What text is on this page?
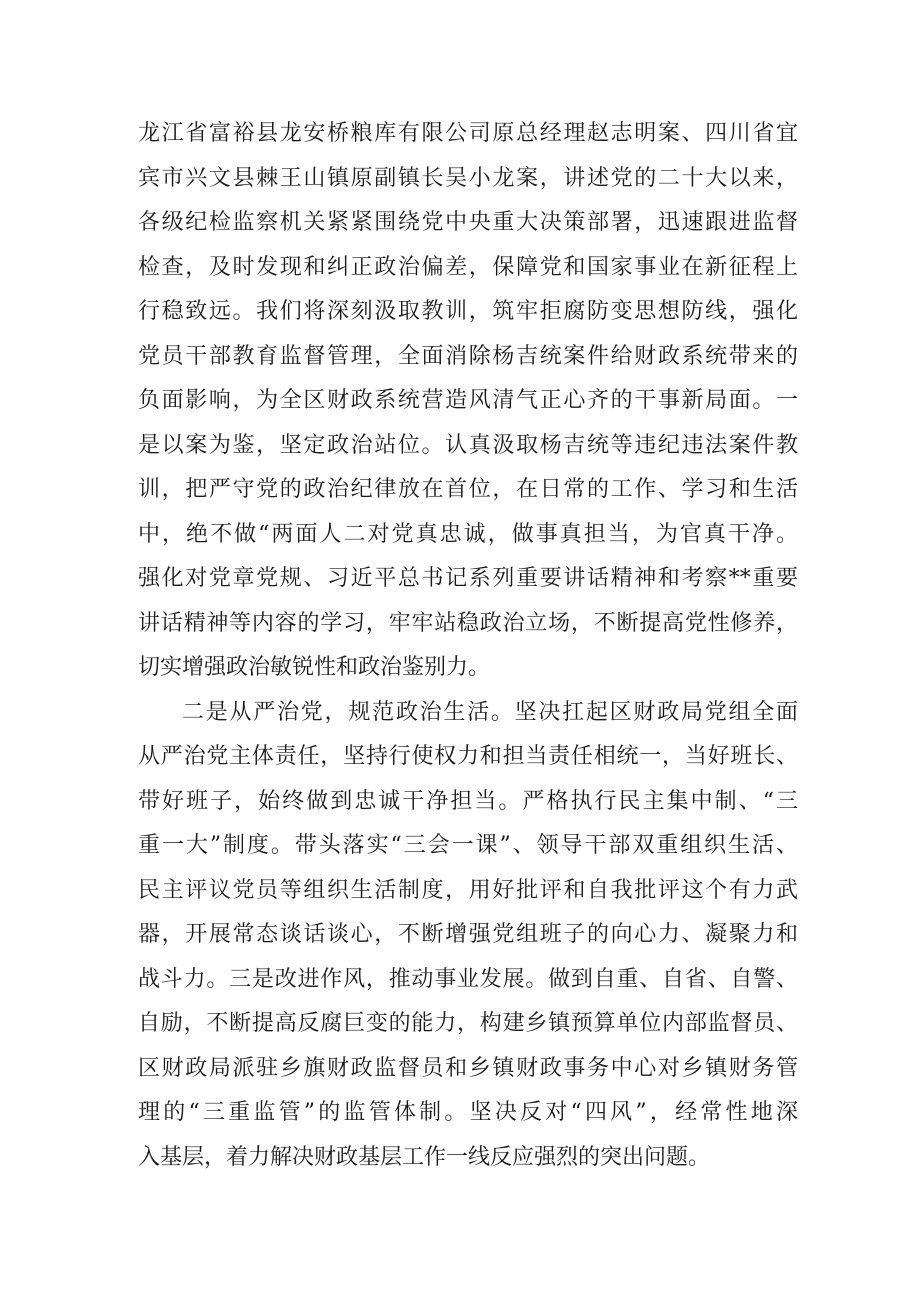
龙江省富裕县龙安桥粮库有限公司原总经理赵志明案、四川省宜
宾市兴文县棘王山镇原副镇长吴小龙案，讲述党的二十大以来，
各级纪检监察机关紧紧围绕党中央重大决策部署，迅速跟进监督
检查，及时发现和纠正政治偏差，保障党和国家事业在新征程上
行稳致远。我们将深刻汲取教训，筑牢拒腐防变思想防线，强化
党员干部教育监督管理，全面消除杨吉统案件给财政系统带来的
负面影响，为全区财政系统营造风清气正心齐的干事新局面。一
是以案为鉴，坚定政治站位。认真汲取杨吉统等违纪违法案件教
训，把严守党的政治纪律放在首位，在日常的工作、学习和生活
中，绝不做“两面人二对党真忠诚，做事真担当，为官真干净。
强化对党章党规、习近平总书记系列重要讲话精神和考察**重要
讲话精神等内容的学习，牢牢站稳政治立场，不断提高党性修养，
切实增强政治敏锐性和政治鉴别力。
二是从严治党，规范政治生活。坚决扛起区财政局党组全面
从严治党主体责任，坚持行使权力和担当责任相统一，当好班长、
带好班子，始终做到忠诚干净担当。严格执行民主集中制、“三
重一大”制度。带头落实“三会一课”、领导干部双重组织生活、
民主评议党员等组织生活制度，用好批评和自我批评这个有力武
器，开展常态谈话谈心，不断增强党组班子的向心力、凝聚力和
战斗力。三是改进作风，推动事业发展。做到自重、自省、自警、
自励，不断提高反腐巨变的能力，构建乡镇预算单位内部监督员、
区财政局派驻乡旗财政监督员和乡镇财政事务中心对乡镇财务管
理的“三重监管”的监管体制。坚决反对“四风”，经常性地深
入基层，着力解决财政基层工作一线反应强烈的突出问题。
